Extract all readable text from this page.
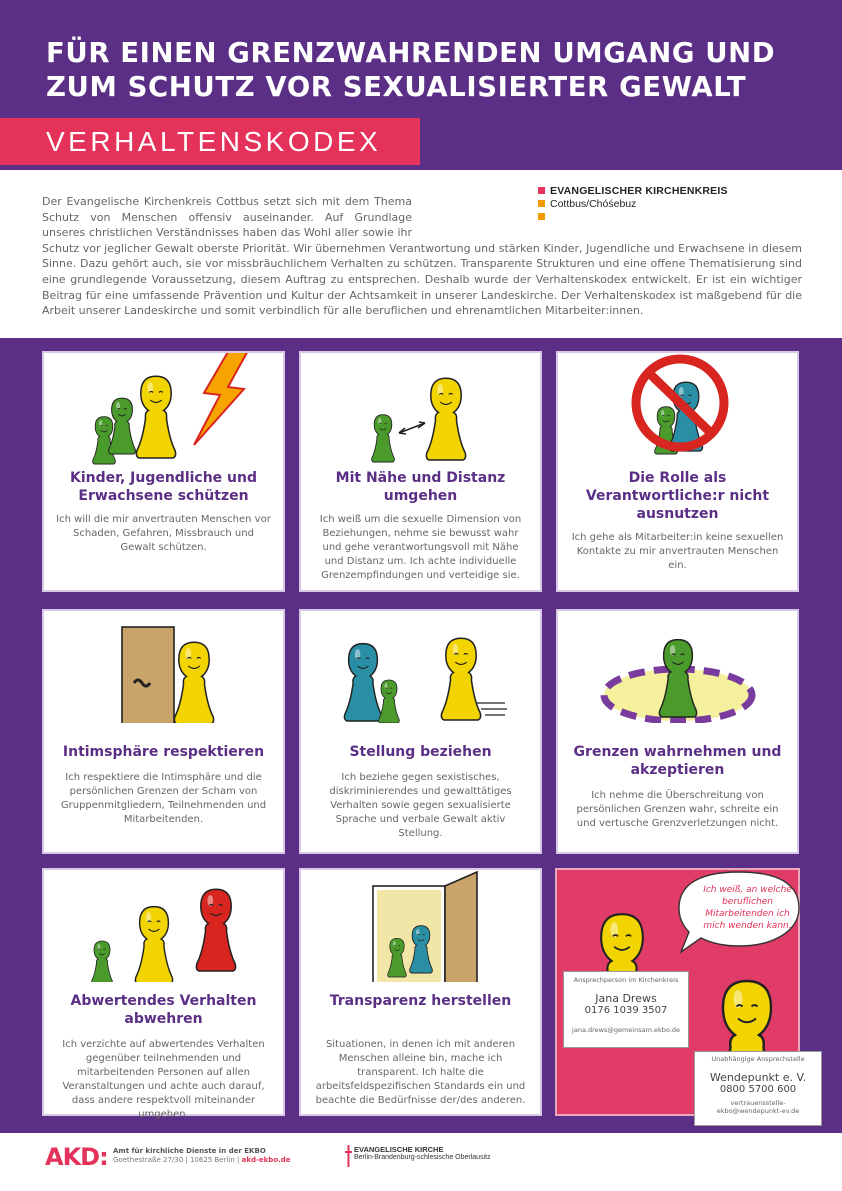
FÜR EINEN GRENZWAHRENDEN UMGANG UND
ZUM SCHUTZ VOR SEXUALISIERTER GEWALT
VERHALTENSKODEX
EVANGELISCHER KIRCHENKREIS
Cottbus/Chóśebuz
Der Evangelische Kirchenkreis Cottbus setzt sich mit dem Thema Schutz von Menschen offensiv auseinander. Auf Grundlage unseres christlichen Verständnisses haben das Wohl aller sowie ihr Schutz vor jeglicher Gewalt oberste Priorität. Wir übernehmen Verantwortung und stärken Kinder, Jugendliche und Erwachsene in diesem Sinne. Dazu gehört auch, sie vor missbräuchlichem Verhalten zu schützen. Transparente Strukturen und eine offene Thematisierung sind eine grundlegende Voraussetzung, diesem Auftrag zu entsprechen. Deshalb wurde der Verhaltenskodex entwickelt. Er ist ein wichtiger Beitrag für eine umfassende Prävention und Kultur der Achtsamkeit in unserer Landeskirche. Der Verhaltenskodex ist maßgebend für die Arbeit unserer Landeskirche und somit verbindlich für alle beruflichen und ehrenamtlichen Mitarbeiter:innen.
Kinder, Jugendliche und Erwachsene schützen

Ich will die mir anvertrauten Menschen vor Schaden, Gefahren, Missbrauch und Gewalt schützen.

Mit Nähe und Distanz umgehen

Ich weiß um die sexuelle Dimension von Beziehungen, nehme sie bewusst wahr und gehe verantwortungsvoll mit Nähe und Distanz um. Ich achte individuelle Grenzempfindungen und verteidige sie.

Die Rolle als Verantwortliche:r nicht ausnutzen

Ich gehe als Mitarbeiter:in keine sexuellen Kontakte zu mir anvertrauten Menschen ein.

Intimsphäre respektieren

Ich respektiere die Intimsphäre und die persönlichen Grenzen der Scham von Gruppenmitgliedern, Teilnehmenden und Mitarbeitenden.

Stellung beziehen

Ich beziehe gegen sexistisches, diskriminierendes und gewalttätiges Verhalten sowie gegen sexualisierte Sprache und verbale Gewalt aktiv Stellung.

Grenzen wahrnehmen und akzeptieren

Ich nehme die Überschreitung von persönlichen Grenzen wahr, schreite ein und vertusche Grenzverletzungen nicht.

Abwertendes Verhalten abwehren

Ich verzichte auf abwertendes Verhalten gegenüber teilnehmenden und mitarbeitenden Personen auf allen Veranstaltungen und achte auch darauf, dass andere respektvoll miteinander umgehen.

Transparenz herstellen

Situationen, in denen ich mit anderen Menschen alleine bin, mache ich transparent. Ich halte die arbeitsfeldspezifischen Standards ein und beachte die Bedürfnisse der/des anderen.

Ich weiß, an welche beruflichen Mitarbeitenden ich mich wenden kann.
Ansprechperson im Kirchenkreis
Jana Drews
0176 1039 3507
jana.drews@gemeinsam.ekbo.de
Unabhängige Ansprechstelle
Wendepunkt e. V.
0800 5700 600
vertrauensstelle-ekbo@wendepunkt-ev.de
AKD: Amt für kirchliche Dienste in der EKBO
Goethestraße 27/30 | 10625 Berlin | akd-ekbo.de
EVANGELISCHE KIRCHE
Berlin-Brandenburg-schlesische Oberlausitz
